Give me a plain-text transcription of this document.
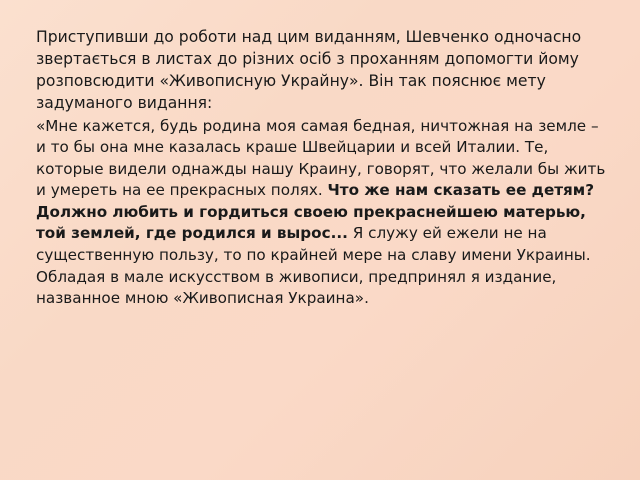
Приступивши до роботи над цим виданням, Шевченко одночасно звертається в листах до різних осіб з проханням допомогти йому розповсюдити «Живописную Украйну». Він так пояснює мету задуманого видання:

«Мне кажется, будь родина моя самая бедная, ничтожная на земле – и то бы она мне казалась краше Швейцарии и всей Италии. Те, которые видели однажды нашу Краину, говорят, что желали бы жить и умереть на ее прекрасных полях. Что же нам сказать ее детям? Должно любить и гордиться своею прекраснейшею матерью, той землей, где родился и вырос... Я служу ей ежели не на существенную пользу, то по крайней мере на славу имени Украины. Обладая в мале искусством в живописи, предпринял я издание, названное мною «Живописная Украина».
